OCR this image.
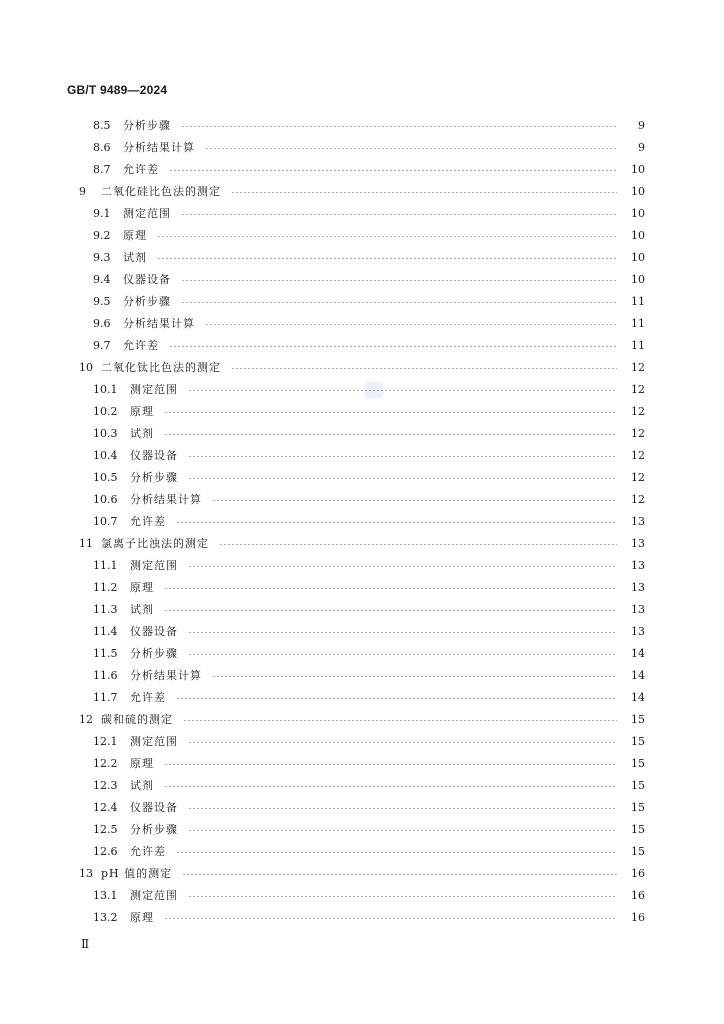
GB/T 9489—2024
8.5	分析步骤	9
8.6	分析结果计算	9
8.7	允许差	10
9	二氧化硅比色法的测定	10
9.1	测定范围	10
9.2	原理	10
9.3	试剂	10
9.4	仪器设备	10
9.5	分析步骤	11
9.6	分析结果计算	11
9.7	允许差	11
10 二氧化钛比色法的测定	12
10.1	测定范围	12
10.2	原理	12
10.3	试剂	12
10.4	仪器设备	12
10.5	分析步骤	12
10.6	分析结果计算	12
10.7	允许差	13
11 氯离子比浊法的测定	13
11.1	测定范围	13
11.2	原理	13
11.3	试剂	13
11.4	仪器设备	13
11.5	分析步骤	14
11.6	分析结果计算	14
11.7	允许差	14
12 碳和硫的测定	15
12.1	测定范围	15
12.2	原理	15
12.3	试剂	15
12.4	仪器设备	15
12.5	分析步骤	15
12.6	允许差	15
13 pH 值的测定	16
13.1	测定范围	16
13.2	原理	16
Ⅱ
